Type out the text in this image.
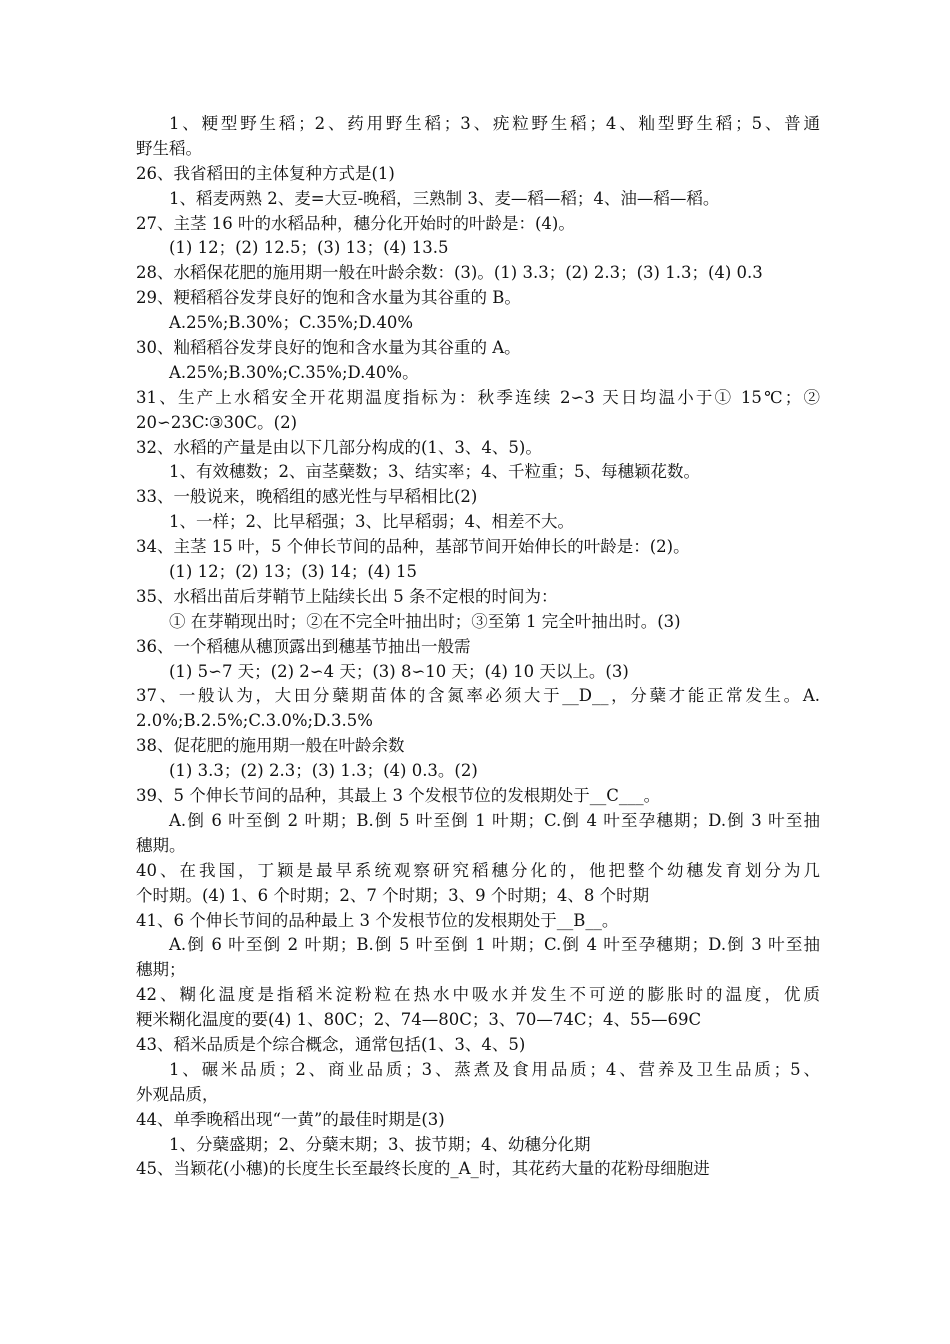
1、粳型野生稻；2、药用野生稻；3、疣粒野生稻；4、籼型野生稻；5、普通
野生稻。
26、我省稻田的主体复种方式是(1)
1、稻麦两熟 2、麦=大豆-晚稻，三熟制 3、麦—稻—稻；4、油—稻—稻。
27、主茎 16 叶的水稻品种，穗分化开始时的叶龄是：(4)。
(1) 12；(2) 12.5；(3) 13；(4) 13.5
28、水稻保花肥的施用期一般在叶龄余数：(3)。(1) 3.3；(2) 2.3；(3) 1.3；(4) 0.3
29、粳稻稻谷发芽良好的饱和含水量为其谷重的 B。
A.25%;B.30%；C.35%;D.40%
30、籼稻稻谷发芽良好的饱和含水量为其谷重的 A。
A.25%;B.30%;C.35%;D.40%。
31、生产上水稻安全开花期温度指标为：秋季连续 2∽3 天日均温小于① 15℃；②
20∽23C∶③30C。(2)
32、水稻的产量是由以下几部分构成的(1、3、4、5)。
1、有效穗数；2、亩茎蘖数；3、结实率；4、千粒重；5、每穗颖花数。
33、一般说来，晚稻组的感光性与早稻相比(2)
1、一样；2、比早稻强；3、比早稻弱；4、相差不大。
34、主茎 15 叶，5 个伸长节间的品种，基部节间开始伸长的叶龄是：(2)。
(1) 12；(2) 13；(3) 14；(4) 15
35、水稻出苗后芽鞘节上陆续长出 5 条不定根的时间为：
① 在芽鞘现出时；②在不完全叶抽出时；③至第 1 完全叶抽出时。(3)
36、一个稻穗从穗顶露出到穗基节抽出一般需
(1) 5∽7 天；(2) 2∽4 天；(3) 8∽10 天；(4) 10 天以上。(3)
37、一般认为，大田分蘖期苗体的含氮率必须大于__D__，分蘖才能正常发生。A.
2.0%;B.2.5%;C.3.0%;D.3.5%
38、促花肥的施用期一般在叶龄余数
(1) 3.3；(2) 2.3；(3) 1.3；(4) 0.3。(2)
39、5 个伸长节间的品种，其最上 3 个发根节位的发根期处于__C___。
A.倒 6 叶至倒 2 叶期；B.倒 5 叶至倒 1 叶期；C.倒 4 叶至孕穗期；D.倒 3 叶至抽
穗期。
40、在我国，丁颖是最早系统观察研究稻穗分化的，他把整个幼穗发育划分为几
个时期。(4) 1、6 个时期；2、7 个时期；3、9 个时期；4、8 个时期
41、6 个伸长节间的品种最上 3 个发根节位的发根期处于__B__。
A.倒 6 叶至倒 2 叶期；B.倒 5 叶至倒 1 叶期；C.倒 4 叶至孕穗期；D.倒 3 叶至抽
穗期；
42、糊化温度是指稻米淀粉粒在热水中吸水并发生不可逆的膨胀时的温度，优质
粳米糊化温度的要(4) 1、80C；2、74—80C；3、70—74C；4、55—69C
43、稻米品质是个综合概念，通常包括(1、3、4、5)
1、碾米品质；2、商业品质；3、蒸煮及食用品质；4、营养及卫生品质；5、
外观品质，
44、单季晚稻出现“一黄”的最佳时期是(3)
1、分蘖盛期；2、分蘖末期；3、拔节期；4、幼穗分化期
45、当颖花(小穗)的长度生长至最终长度的_A_时，其花药大量的花粉母细胞进
